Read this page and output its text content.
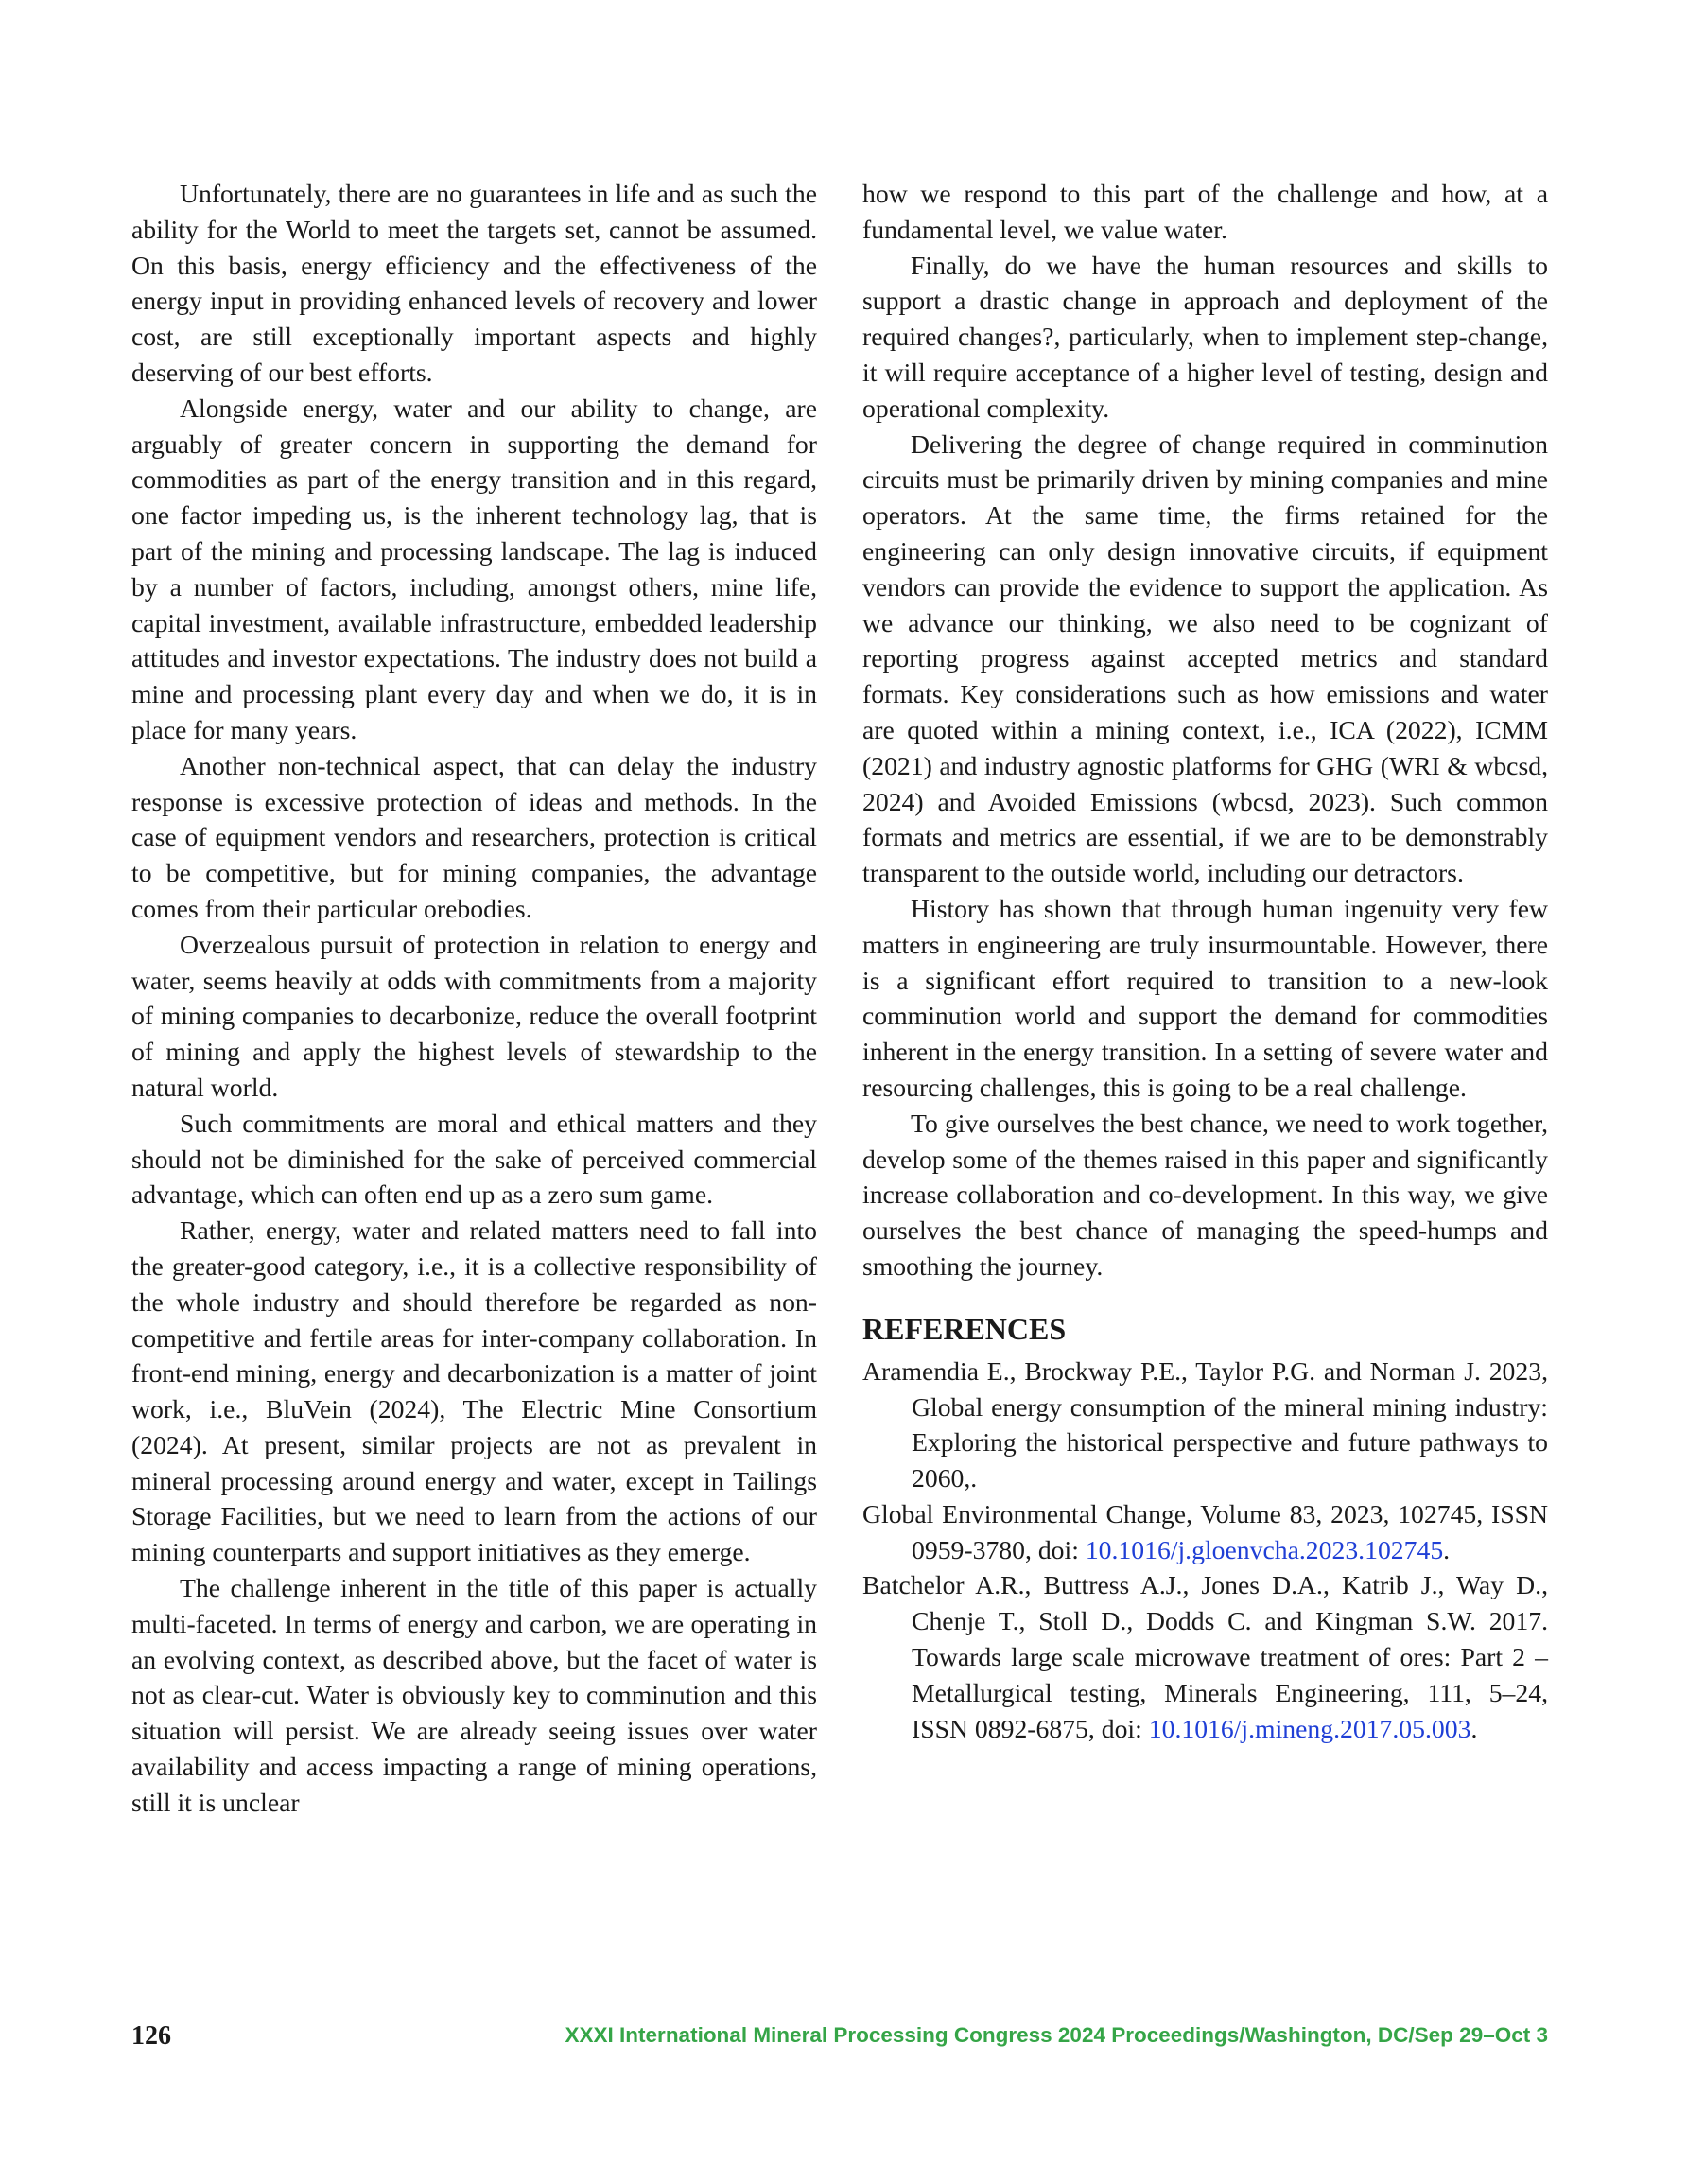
Unfortunately, there are no guarantees in life and as such the ability for the World to meet the targets set, cannot be assumed. On this basis, energy efficiency and the effectiveness of the energy input in providing enhanced levels of recovery and lower cost, are still exceptionally important aspects and highly deserving of our best efforts.

Alongside energy, water and our ability to change, are arguably of greater concern in supporting the demand for commodities as part of the energy transition and in this regard, one factor impeding us, is the inherent technology lag, that is part of the mining and processing landscape. The lag is induced by a number of factors, including, amongst others, mine life, capital investment, available infrastructure, embedded leadership attitudes and investor expectations. The industry does not build a mine and processing plant every day and when we do, it is in place for many years.

Another non-technical aspect, that can delay the industry response is excessive protection of ideas and methods. In the case of equipment vendors and researchers, protection is critical to be competitive, but for mining companies, the advantage comes from their particular orebodies.

Overzealous pursuit of protection in relation to energy and water, seems heavily at odds with commitments from a majority of mining companies to decarbonize, reduce the overall footprint of mining and apply the highest levels of stewardship to the natural world.

Such commitments are moral and ethical matters and they should not be diminished for the sake of perceived commercial advantage, which can often end up as a zero sum game.

Rather, energy, water and related matters need to fall into the greater-good category, i.e., it is a collective responsibility of the whole industry and should therefore be regarded as non-competitive and fertile areas for inter-company collaboration. In front-end mining, energy and decarbonization is a matter of joint work, i.e., BluVein (2024), The Electric Mine Consortium (2024). At present, similar projects are not as prevalent in mineral processing around energy and water, except in Tailings Storage Facilities, but we need to learn from the actions of our mining counterparts and support initiatives as they emerge.

The challenge inherent in the title of this paper is actually multi-faceted. In terms of energy and carbon, we are operating in an evolving context, as described above, but the facet of water is not as clear-cut. Water is obviously key to comminution and this situation will persist. We are already seeing issues over water availability and access impacting a range of mining operations, still it is unclear

how we respond to this part of the challenge and how, at a fundamental level, we value water.

Finally, do we have the human resources and skills to support a drastic change in approach and deployment of the required changes?, particularly, when to implement step-change, it will require acceptance of a higher level of testing, design and operational complexity.

Delivering the degree of change required in comminution circuits must be primarily driven by mining companies and mine operators. At the same time, the firms retained for the engineering can only design innovative circuits, if equipment vendors can provide the evidence to support the application. As we advance our thinking, we also need to be cognizant of reporting progress against accepted metrics and standard formats. Key considerations such as how emissions and water are quoted within a mining context, i.e., ICA (2022), ICMM (2021) and industry agnostic platforms for GHG (WRI & wbcsd, 2024) and Avoided Emissions (wbcsd, 2023). Such common formats and metrics are essential, if we are to be demonstrably transparent to the outside world, including our detractors.

History has shown that through human ingenuity very few matters in engineering are truly insurmountable. However, there is a significant effort required to transition to a new-look comminution world and support the demand for commodities inherent in the energy transition. In a setting of severe water and resourcing challenges, this is going to be a real challenge.

To give ourselves the best chance, we need to work together, develop some of the themes raised in this paper and significantly increase collaboration and co-development. In this way, we give ourselves the best chance of managing the speed-humps and smoothing the journey.

REFERENCES

Aramendia E., Brockway P.E., Taylor P.G. and Norman J. 2023, Global energy consumption of the mineral mining industry: Exploring the historical perspective and future pathways to 2060,.

Global Environmental Change, Volume 83, 2023, 102745, ISSN 0959-3780, doi: 10.1016/j.gloenvcha​.2023.102745.

Batchelor A.R., Buttress A.J., Jones D.A., Katrib J., Way D., Chenje T., Stoll D., Dodds C. and Kingman S.W. 2017. Towards large scale microwave treatment of ores: Part 2 – Metallurgical testing, Minerals Engineering, 111, 5–24, ISSN 0892-6875, doi: 10.1016/j.mineng​.2017.05.003.

126	XXXI International Mineral Processing Congress 2024 Proceedings/Washington, DC/Sep 29–Oct 3
